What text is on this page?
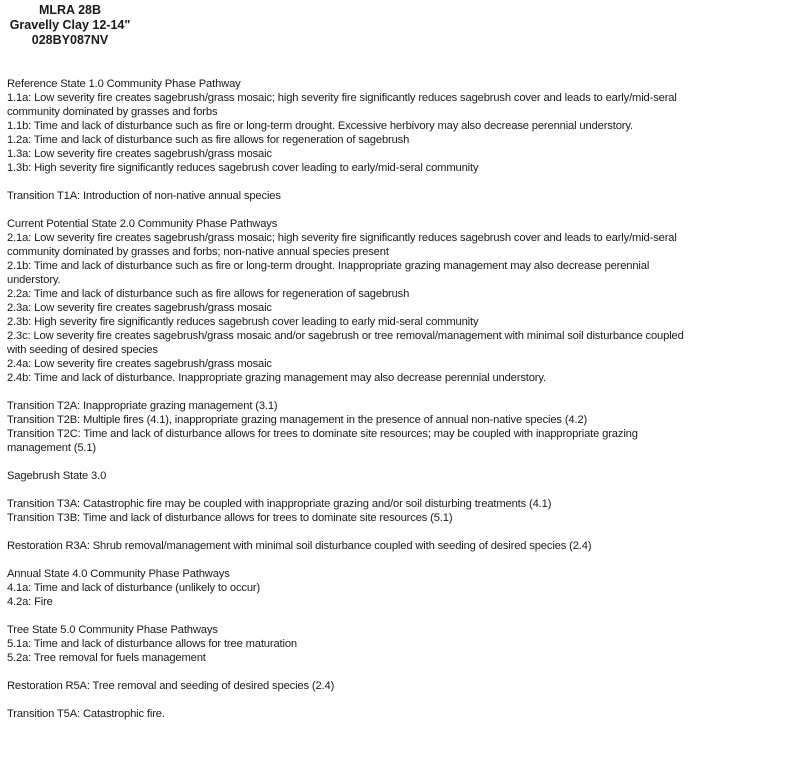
MLRA 28B
Gravelly Clay 12-14"
028BY087NV

Reference State 1.0 Community Phase Pathway

1.1a: Low severity fire creates sagebrush/grass mosaic; high severity fire significantly reduces sagebrush cover and leads to early/mid-seral

community dominated by grasses and forbs

1.1b: Time and lack of disturbance such as fire or long-term drought. Excessive herbivory may also decrease perennial understory.

1.2a: Time and lack of disturbance such as fire allows for regeneration of sagebrush

1.3a: Low severity fire creates sagebrush/grass mosaic

1.3b: High severity fire significantly reduces sagebrush cover leading to early/mid-seral community

Transition T1A: Introduction of non-native annual species

Current Potential State 2.0 Community Phase Pathways

2.1a: Low severity fire creates sagebrush/grass mosaic; high severity fire significantly reduces sagebrush cover and leads to early/mid-seral

community dominated by grasses and forbs; non-native annual species present

2.1b: Time and lack of disturbance such as fire or long-term drought. Inappropriate grazing management may also decrease perennial

understory.

2.2a: Time and lack of disturbance such as fire allows for regeneration of sagebrush

2.3a: Low severity fire creates sagebrush/grass mosaic

2.3b: High severity fire significantly reduces sagebrush cover leading to early mid-seral community

2.3c: Low severity fire creates sagebrush/grass mosaic and/or sagebrush or tree removal/management with minimal soil disturbance coupled

with seeding of desired species

2.4a: Low severity fire creates sagebrush/grass mosaic

2.4b: Time and lack of disturbance. Inappropriate grazing management may also decrease perennial understory.

Transition T2A: Inappropriate grazing management (3.1)

Transition T2B: Multiple fires (4.1), inappropriate grazing management in the presence of annual non-native species (4.2)

Transition T2C: Time and lack of disturbance allows for trees to dominate site resources; may be coupled with inappropriate grazing

management (5.1)

Sagebrush State 3.0

Transition T3A: Catastrophic fire may be coupled with inappropriate grazing and/or soil disturbing treatments (4.1)

Transition T3B: Time and lack of disturbance allows for trees to dominate site resources (5.1)

Restoration R3A: Shrub removal/management with minimal soil disturbance coupled with seeding of desired species (2.4)

Annual State 4.0 Community Phase Pathways

4.1a: Time and lack of disturbance (unlikely to occur)

4.2a: Fire

Tree State 5.0 Community Phase Pathways

5.1a: Time and lack of disturbance allows for tree maturation

5.2a: Tree removal for fuels management

Restoration R5A: Tree removal and seeding of desired species (2.4)

Transition T5A: Catastrophic fire.
